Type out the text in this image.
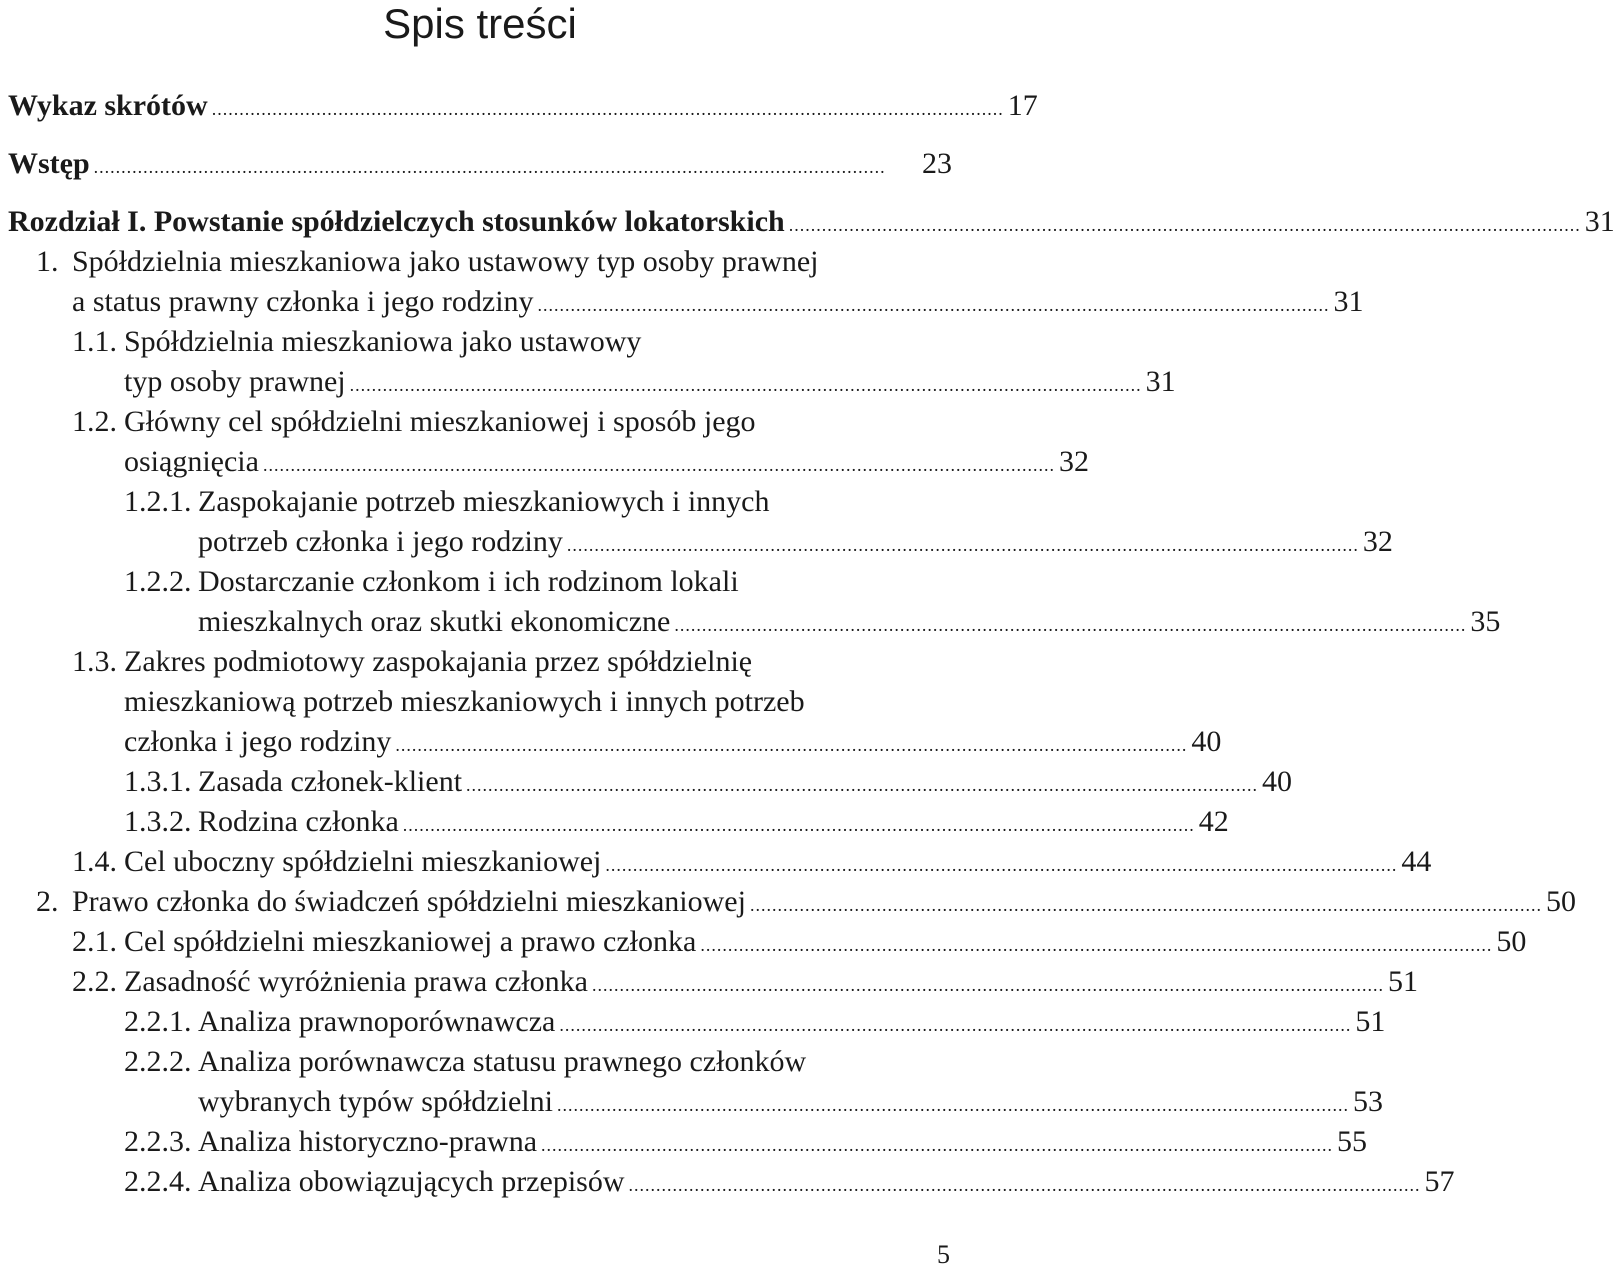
Spis treści
Wykaz skrótów ................................................................................................................................................ 17
Wstęp ................................................................................................................................................	23
Rozdział I. Powstanie spółdzielczych stosunków lokatorskich ................................................................................................................................................ 31
1. Spółdzielnia mieszkaniowa jako ustawowy typ osoby prawnej
a status prawny członka i jego rodziny ................................................................................................................................................ 31
1.1. Spółdzielnia mieszkaniowa jako ustawowy
typ osoby prawnej ................................................................................................................................................ 31
1.2. Główny cel spółdzielni mieszkaniowej i sposób jego
osiągnięcia ................................................................................................................................................ 32
1.2.1. Zaspokajanie potrzeb mieszkaniowych i innych
potrzeb członka i jego rodziny ................................................................................................................................................ 32
1.2.2. Dostarczanie członkom i ich rodzinom lokali
mieszkalnych oraz skutki ekonomiczne ................................................................................................................................................ 35
1.3. Zakres podmiotowy zaspokajania przez spółdzielnię
mieszkaniową potrzeb mieszkaniowych i innych potrzeb
członka i jego rodziny ................................................................................................................................................ 40
1.3.1. Zasada członek-klient ................................................................................................................................................ 40
1.3.2. Rodzina członka ................................................................................................................................................ 42
1.4. Cel uboczny spółdzielni mieszkaniowej ................................................................................................................................................ 44
2. Prawo członka do świadczeń spółdzielni mieszkaniowej ................................................................................................................................................ 50
2.1. Cel spółdzielni mieszkaniowej a prawo członka ................................................................................................................................................ 50
2.2. Zasadność wyróżnienia prawa członka ................................................................................................................................................ 51
2.2.1. Analiza prawnoporównawcza ................................................................................................................................................ 51
2.2.2. Analiza porównawcza statusu prawnego członków
wybranych typów spółdzielni ................................................................................................................................................ 53
2.2.3. Analiza historyczno-prawna ................................................................................................................................................ 55
2.2.4. Analiza obowiązujących przepisów ................................................................................................................................................ 57
5
